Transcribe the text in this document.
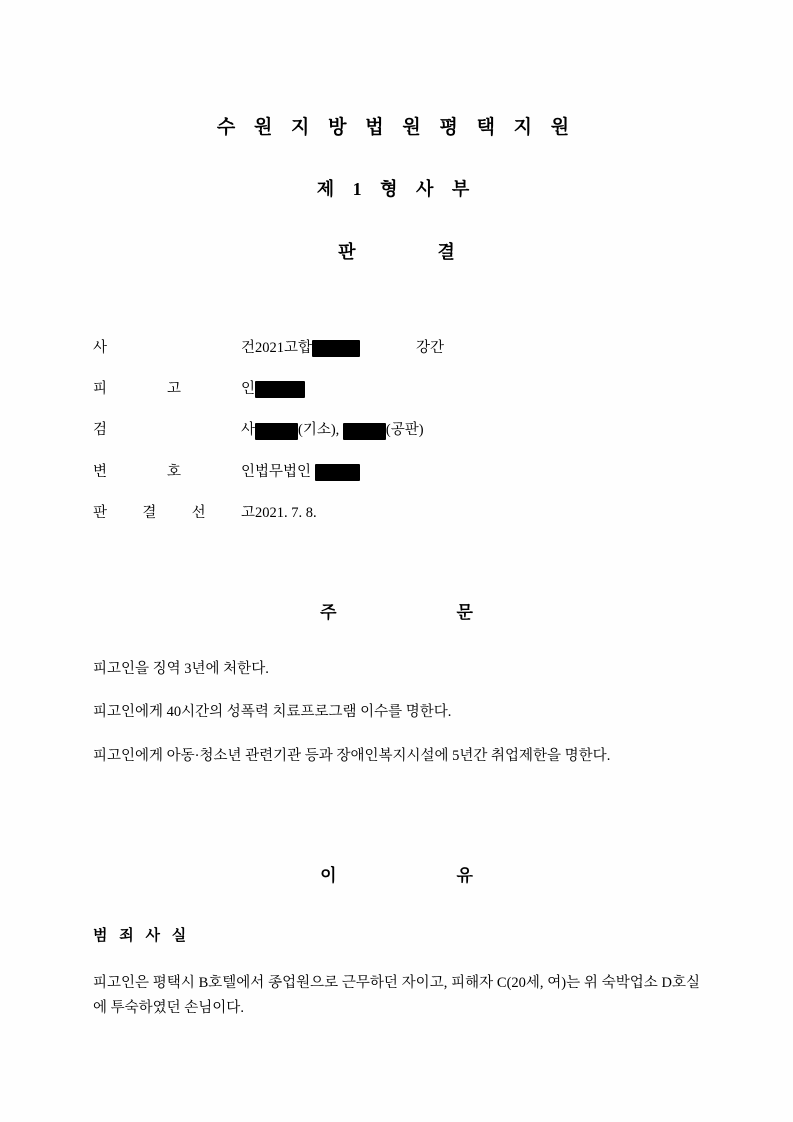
수 원 지 방 법 원 평 택 지 원
제 1 형 사 부
판	결
사	건 2021고합	강간
피	고	인
검	사	(기소),	(공판)
변	호	인 법무법인
판 결 선 고 2021. 7. 8.
주	문

피고인을 징역 3년에 처한다.

피고인에게 40시간의 성폭력 치료프로그램 이수를 명한다.

피고인에게 아동·청소년 관련기관 등과 장애인복지시설에 5년간 취업제한을 명한다.

이	유
범 죄 사 실

피고인은 평택시 B호텔에서 종업원으로 근무하던 자이고, 피해자 C(20세, 여)는 위 숙박업소 D호실에 투숙하였던 손님이다.
